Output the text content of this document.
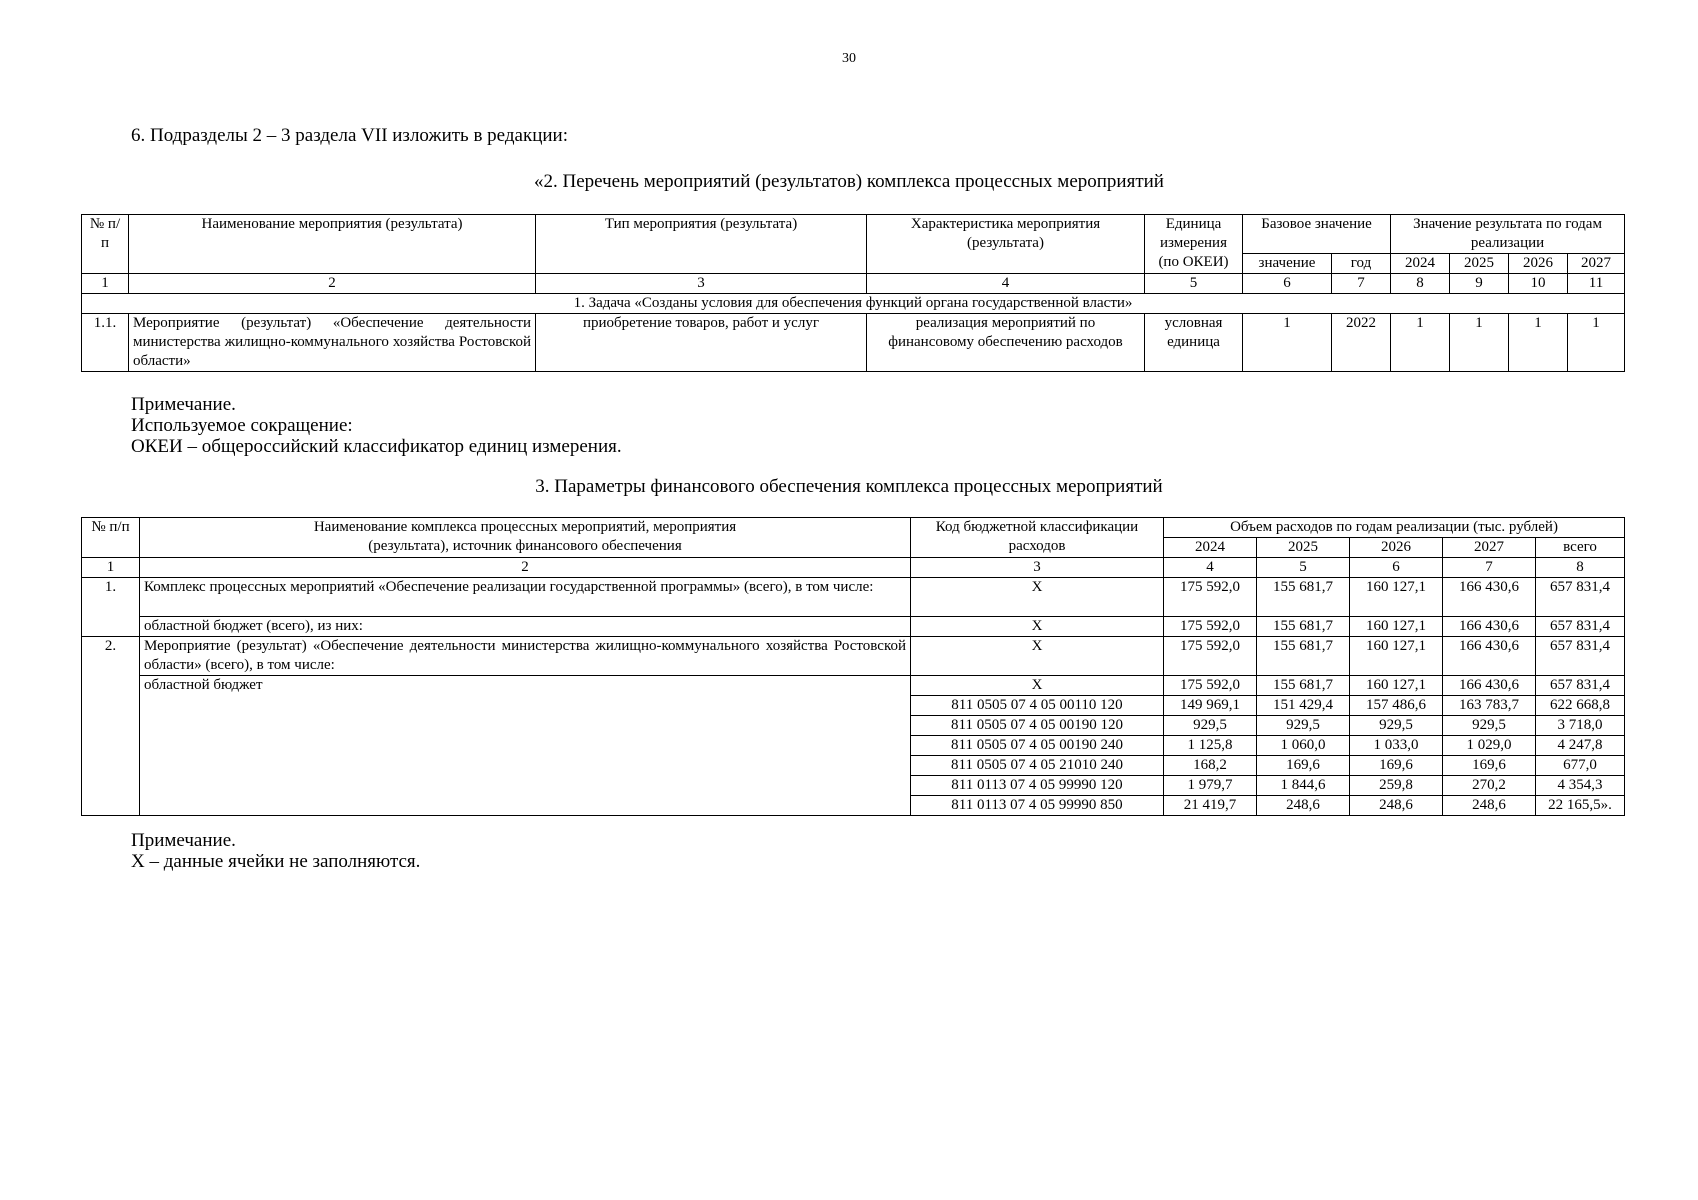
30
6. Подразделы 2 – 3 раздела VII изложить в редакции:
«2. Перечень мероприятий (результатов) комплекса процессных мероприятий
№ п/п	Наименование мероприятия (результата)	Тип мероприятия (результата)	Характеристика мероприятия (результата)	Единица измерения (по ОКЕИ)	Базовое значение		Значение результата по годам реализации			

					значение	год	2024	2025	2026	2027
1	2	3	4	5	6	7	8	9	10	11
1. Задача «Созданы условия для обеспечения функций органа государственной власти»										
1.1.	Мероприятие (результат) «Обеспечение деятельности министерства жилищно-коммунального хозяйства Ростовской области»	приобретение товаров, работ и услуг	реализация мероприятий по финансовому обеспечению расходов	условная единица	1	2022	1	1	1	1
Примечание.
Используемое сокращение:
ОКЕИ – общероссийский классификатор единиц измерения.
3. Параметры финансового обеспечения комплекса процессных мероприятий
№ п/п	Наименование комплекса процессных мероприятий, мероприятия (результата), источник финансового обеспечения	Код бюджетной классификации расходов	Объем расходов по годам реализации (тыс. рублей)				
			2024	2025	2026	2027	всего
1	2	3	4	5	6	7	8
1.	Комплекс процессных мероприятий «Обеспечение реализации государственной программы» (всего), в том числе:	X	175 592,0	155 681,7	160 127,1	166 430,6	657 831,4
	областной бюджет (всего), из них:	X	175 592,0	155 681,7	160 127,1	166 430,6	657 831,4
2.	Мероприятие (результат) «Обеспечение деятельности министерства жилищно-коммунального хозяйства Ростовской области» (всего), в том числе:	X	175 592,0	155 681,7	160 127,1	166 430,6	657 831,4
	областной бюджет	X	175 592,0	155 681,7	160 127,1	166 430,6	657 831,4
		811 0505 07 4 05 00110 120	149 969,1	151 429,4	157 486,6	163 783,7	622 668,8
		811 0505 07 4 05 00190 120	929,5	929,5	929,5	929,5	3 718,0
		811 0505 07 4 05 00190 240	1 125,8	1 060,0	1 033,0	1 029,0	4 247,8
		811 0505 07 4 05 21010 240	168,2	169,6	169,6	169,6	677,0
		811 0113 07 4 05 99990 120	1 979,7	1 844,6	259,8	270,2	4 354,3
		811 0113 07 4 05 99990 850	21 419,7	248,6	248,6	248,6	22 165,5».
Примечание.
X – данные ячейки не заполняются.
